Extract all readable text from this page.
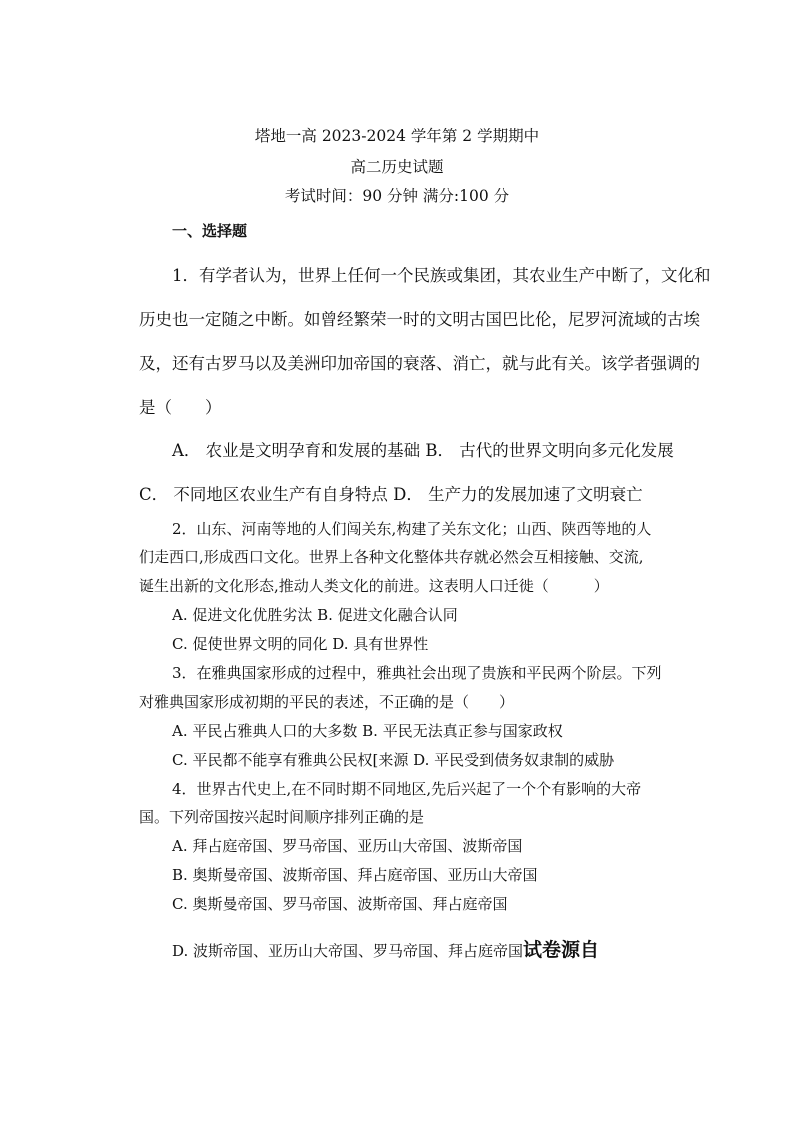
塔地一高 2023-2024 学年第 2 学期期中
高二历史试题
考试时间：90 分钟 满分:100 分
一、选择题
1．有学者认为，世界上任何一个民族或集团，其农业生产中断了，文化和
历史也一定随之中断。如曾经繁荣一时的文明古国巴比伦，尼罗河流域的古埃
及，还有古罗马以及美洲印加帝国的衰落、消亡，就与此有关。该学者强调的
是（　　）
A． 农业是文明孕育和发展的基础 B． 古代的世界文明向多元化发展
C． 不同地区农业生产有自身特点 D． 生产力的发展加速了文明衰亡
2．山东、河南等地的人们闯关东,构建了关东文化；山西、陕西等地的人
们走西口,形成西口文化。世界上各种文化整体共存就必然会互相接触、交流,
诞生出新的文化形态,推动人类文化的前进。这表明人口迁徙（　　　）
A. 促进文化优胜劣汰 B. 促进文化融合认同
C. 促使世界文明的同化 D. 具有世界性
3．在雅典国家形成的过程中，雅典社会出现了贵族和平民两个阶层。下列
对雅典国家形成初期的平民的表述，不正确的是（　　）
A. 平民占雅典人口的大多数 B. 平民无法真正参与国家政权
C. 平民都不能享有雅典公民权[来源 D. 平民受到债务奴隶制的威胁
4．世界古代史上,在不同时期不同地区,先后兴起了一个个有影响的大帝
国。下列帝国按兴起时间顺序排列正确的是
A. 拜占庭帝国、罗马帝国、亚历山大帝国、波斯帝国
B. 奥斯曼帝国、波斯帝国、拜占庭帝国、亚历山大帝国
C. 奥斯曼帝国、罗马帝国、波斯帝国、拜占庭帝国
D. 波斯帝国、亚历山大帝国、罗马帝国、拜占庭帝国试卷源自
